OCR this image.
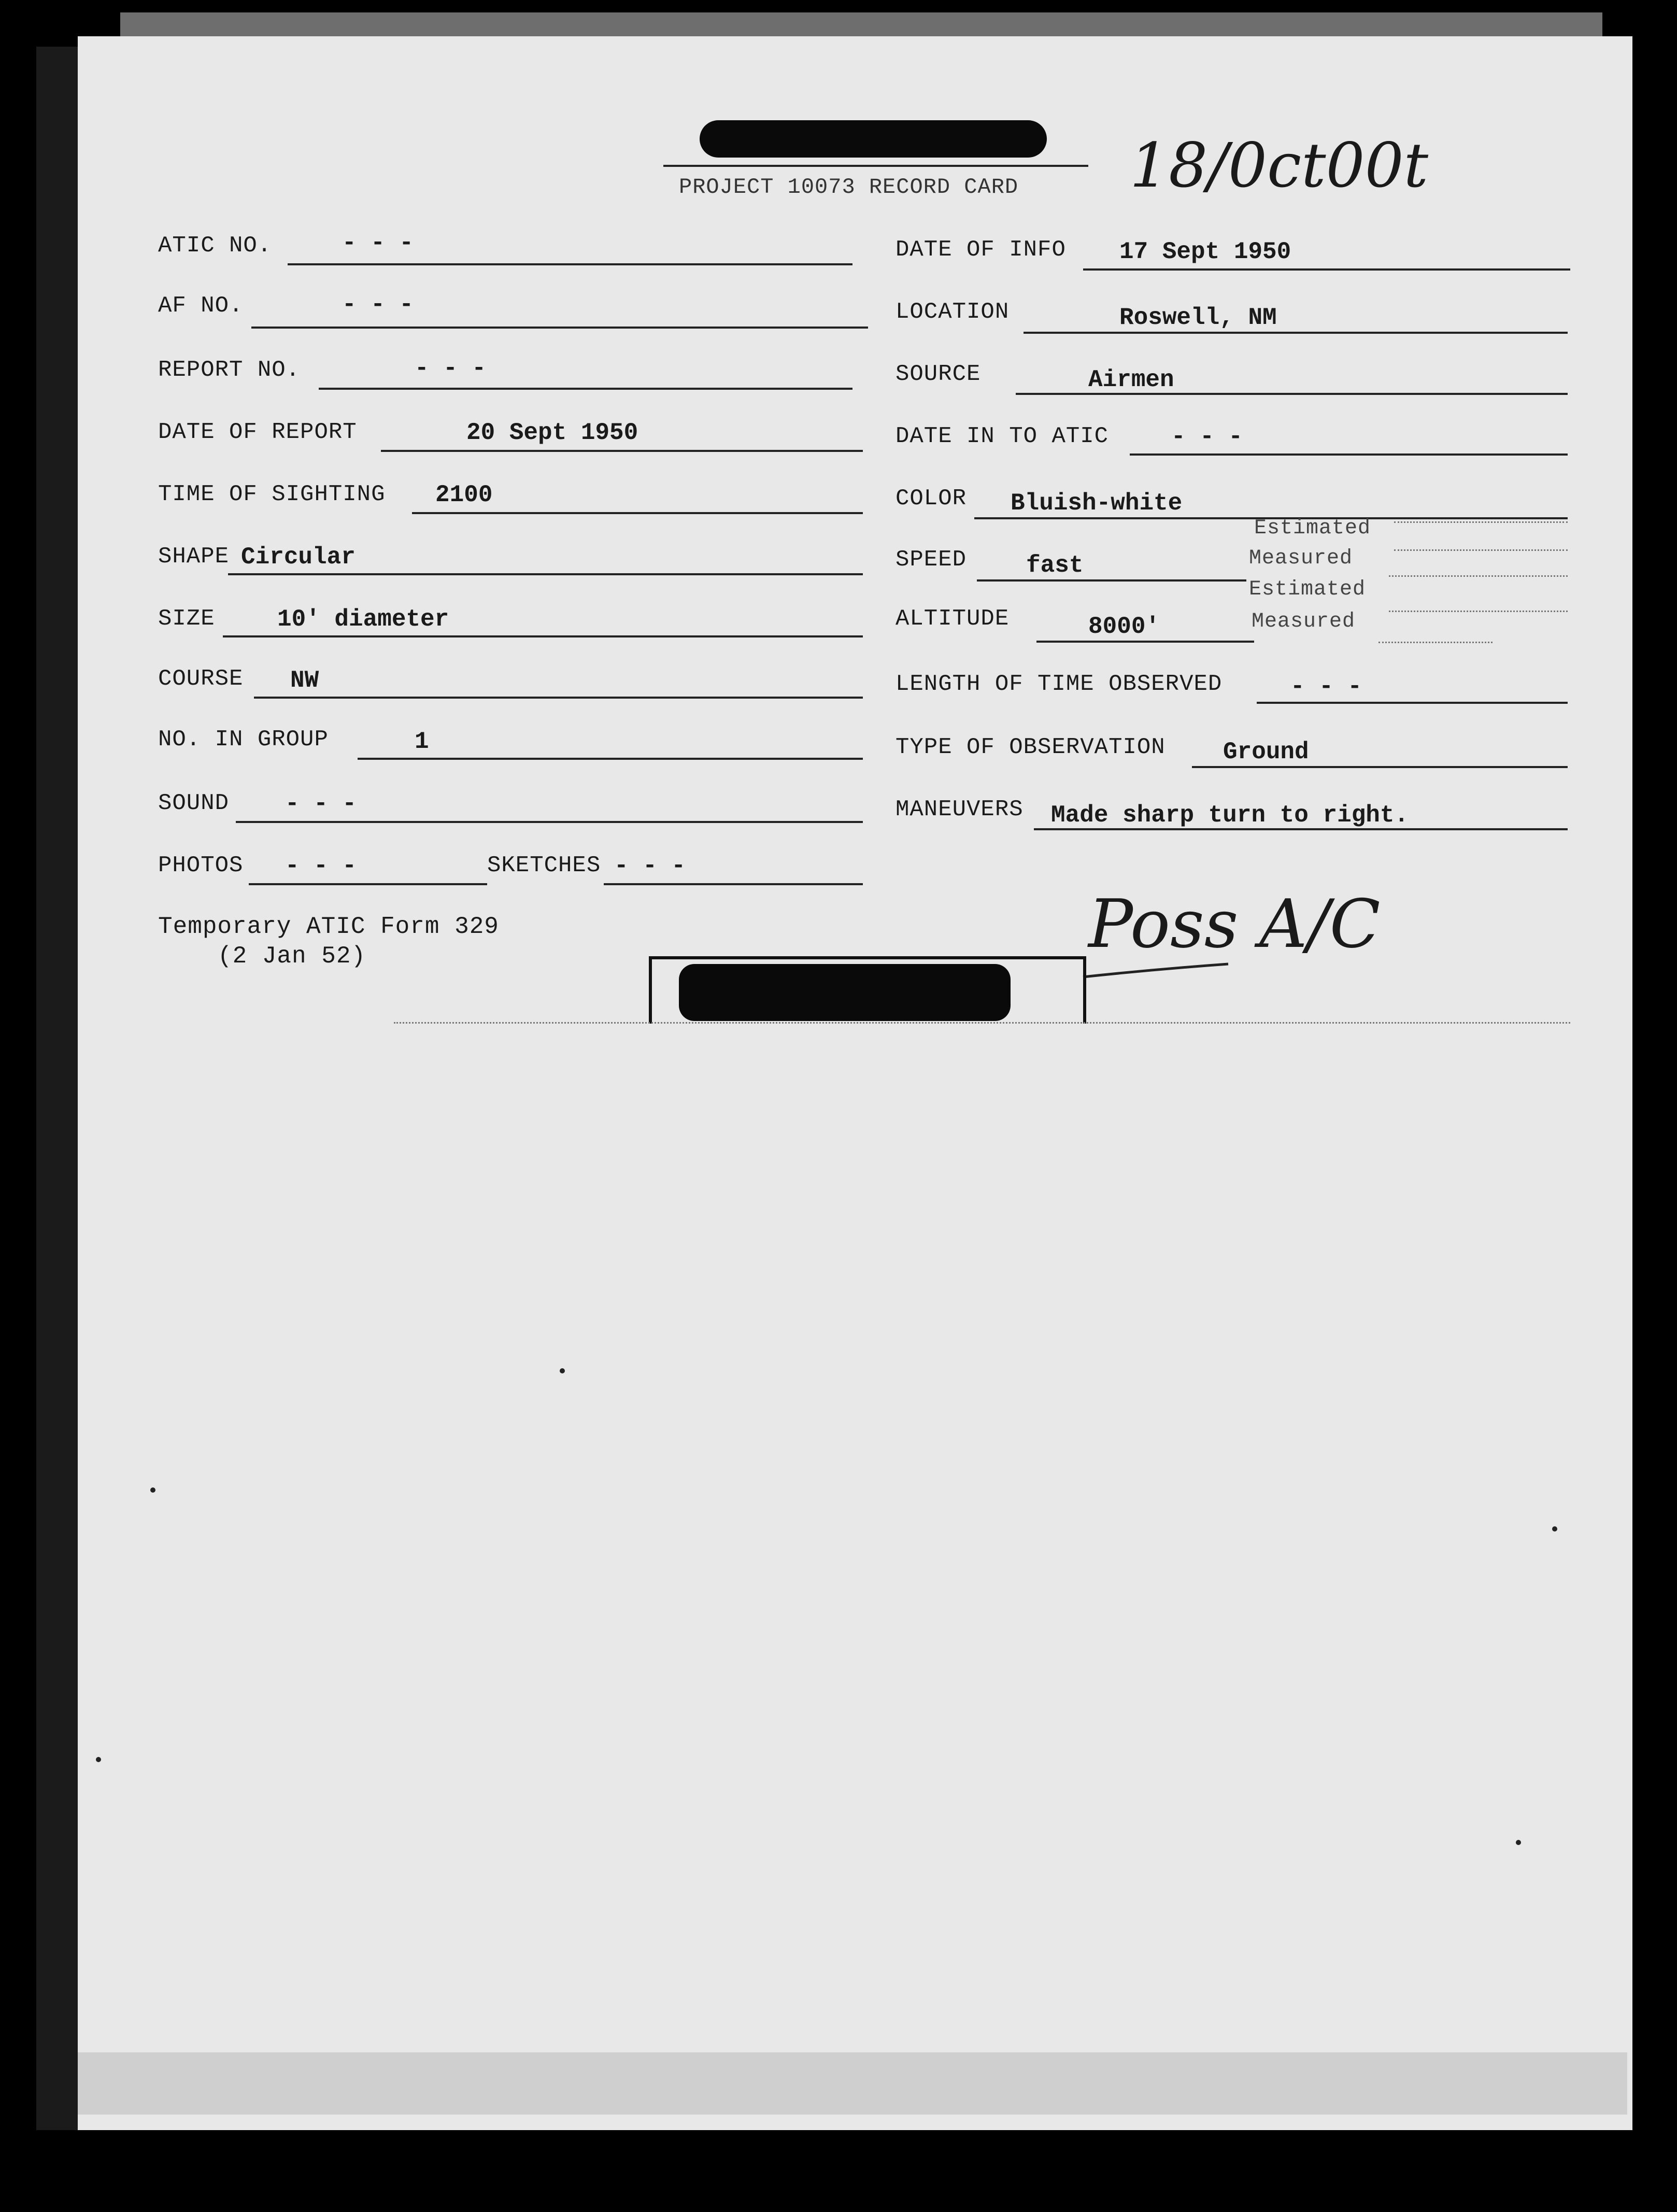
PROJECT 10073 RECORD CARD 18/0ct00t
ATIC NO.	- - -
AF NO.	- - -
REPORT NO.	- - -
DATE OF REPORT	20 Sept 1950
TIME OF SIGHTING 2100
SHAPE Circular
SIZE	10' diameter
COURSE NW
NO. IN GROUP	1
SOUND - - -
PHOTOS - - -	SKETCHES - - -
Temporary ATIC Form 329
(2 Jan 52)
DATE OF INFO 17 Sept 1950
LOCATION	Roswell, NM
SOURCE	Airmen
DATE IN TO ATIC	- - -
COLOR Bluish-white
SPEED fast
ALTITUDE	8000'
Estimated
Measured
Estimated
Measured
LENGTH OF TIME OBSERVED	- - -
TYPE OF OBSERVATION Ground
MANEUVERS Made sharp turn to right.
Poss A/C
